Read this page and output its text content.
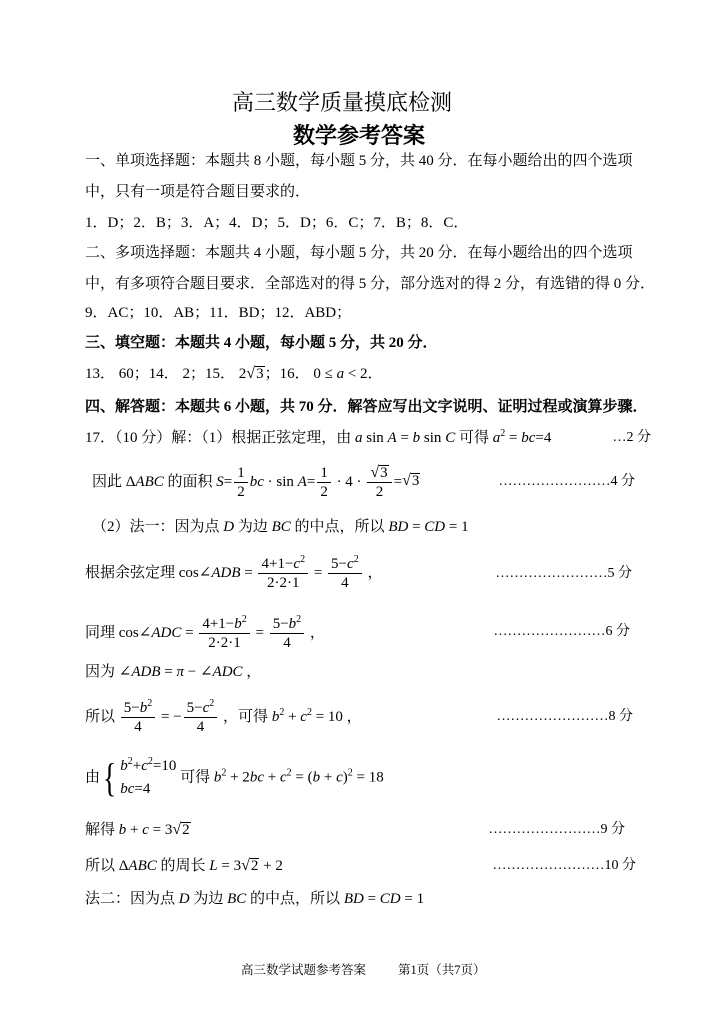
高三数学质量摸底检测
数学参考答案
一、单项选择题：本题共 8 小题，每小题 5 分，共 40 分．在每小题给出的四个选项
中，只有一项是符合题目要求的．
1．D；2．B；3．A；4．D；5．D；6．C；7．B；8．C．
二、多项选择题：本题共 4 小题，每小题 5 分，共 20 分．在每小题给出的四个选项
中，有多项符合题目要求．全部选对的得 5 分，部分选对的得 2 分，有选错的得 0 分．
9．AC；10．AB；11．BD；12．ABD；
三、填空题：本题共 4 小题，每小题 5 分，共 20 分．
13． 60；14． 2；15． 2√3；16． 0 ≤ a < 2．
四、解答题：本题共 6 小题，共 70 分．解答应写出文字说明、证明过程或演算步骤．
17．（10 分）解：（1）根据正弦定理，由 a sin A = b sin C 可得 $a^2 = bc=4$	…2 分
因此 ΔABC 的面积 $S= \frac{1}{2}$ bc · $\sin A= \frac{1}{2} \cdot 4 \cdot \frac{√3}{2} =√3$	……………………4 分
（2）法一：因为点 D 为边 BC 的中点，所以 BD = CD = 1
根据余弦定理 cos∠ADB = $\frac{4+1-c^2}{2\cdot 2\cdot 1} = \frac{5-c^2}{4}$ ，	……………………5 分
同理 cos∠ADC = $\frac{4+1-b^2}{2\cdot 2\cdot 1} = \frac{5-b^2}{4}$ ，	……………………6 分
因为 ∠ADB = π − ∠ADC ，
所以 $\frac{5-b^2}{4}$ = − $\frac{5-c^2}{4}$ ，可得 $b^2 + c^2 = 10$ ，	……………………8 分
由 { $b^2+c^2=10$
bc=4
可得 $b^2 + 2bc + c^2 = (b + c)^2 = 18$
解得 b + c = 3√2	……………………9 分
所以 ΔABC 的周长 L = 3√2 + 2	……………………10 分
法二：因为点 D 为边 BC 的中点，所以 BD = CD = 1
高三数学试题参考答案	第1页（共7页）
